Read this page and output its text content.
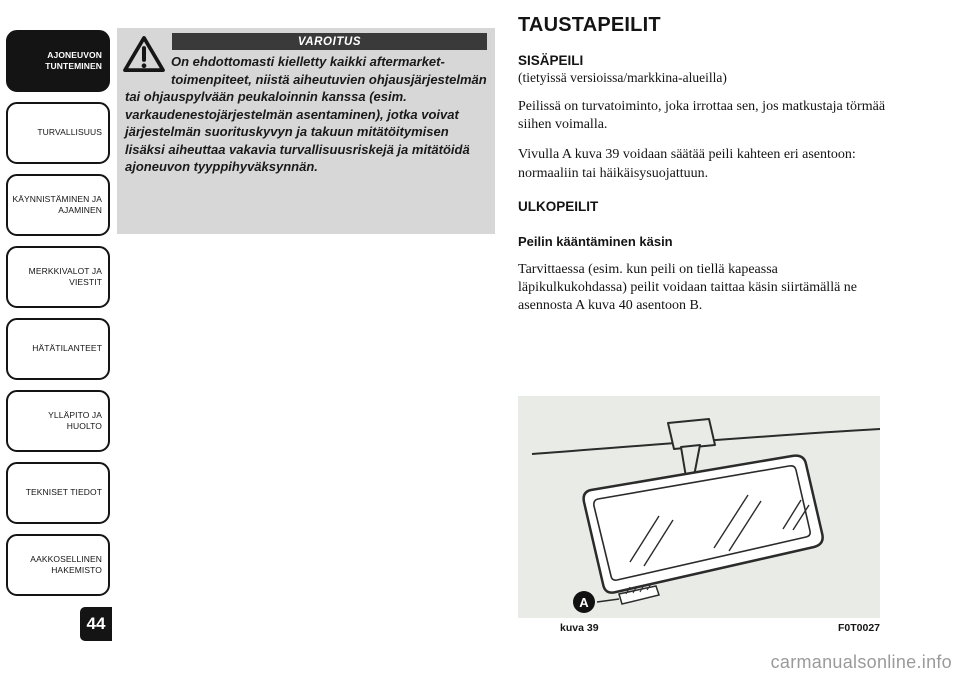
AJONEUVON TUNTEMINEN
TURVALLISUUS
KÄYNNISTÄMINEN JA AJAMINEN
MERKKIVALOT JA VIESTIT
HÄTÄTILANTEET
YLLÄPITO JA HUOLTO
TEKNISET TIEDOT
AAKKOSELLINEN HAKEMISTO
44
VAROITUS
On ehdottomasti kielletty kaikki aftermarket-toimenpiteet, niistä aiheutuvien ohjausjärjestelmän tai ohjauspylvään peukaloinnin kanssa (esim. varkaudenestojärjestelmän asentaminen), jotka voivat järjestelmän suorituskyvyn ja takuun mitätöitymisen lisäksi aiheuttaa vakavia turvallisuusriskejä ja mitätöidä ajoneuvon tyyppihyväksynnän.
TAUSTAPEILIT
SISÄPEILI
(tietyissä versioissa/markkina-alueilla)

Peilissä on turvatoiminto, joka irrottaa sen, jos matkustaja törmää siihen voimalla.

Vivulla A kuva 39 voidaan säätää peili kahteen eri asentoon: normaaliin tai häikäisysuojattuun.

ULKOPEILIT
Peilin kääntäminen käsin

Tarvittaessa (esim. kun peili on tiellä kapeassa läpikulkukohdassa) peilit voidaan taittaa käsin siirtämällä ne asennosta A kuva 40 asentoon B.

A
kuva 39	F0T0027
carmanualsonline.info
